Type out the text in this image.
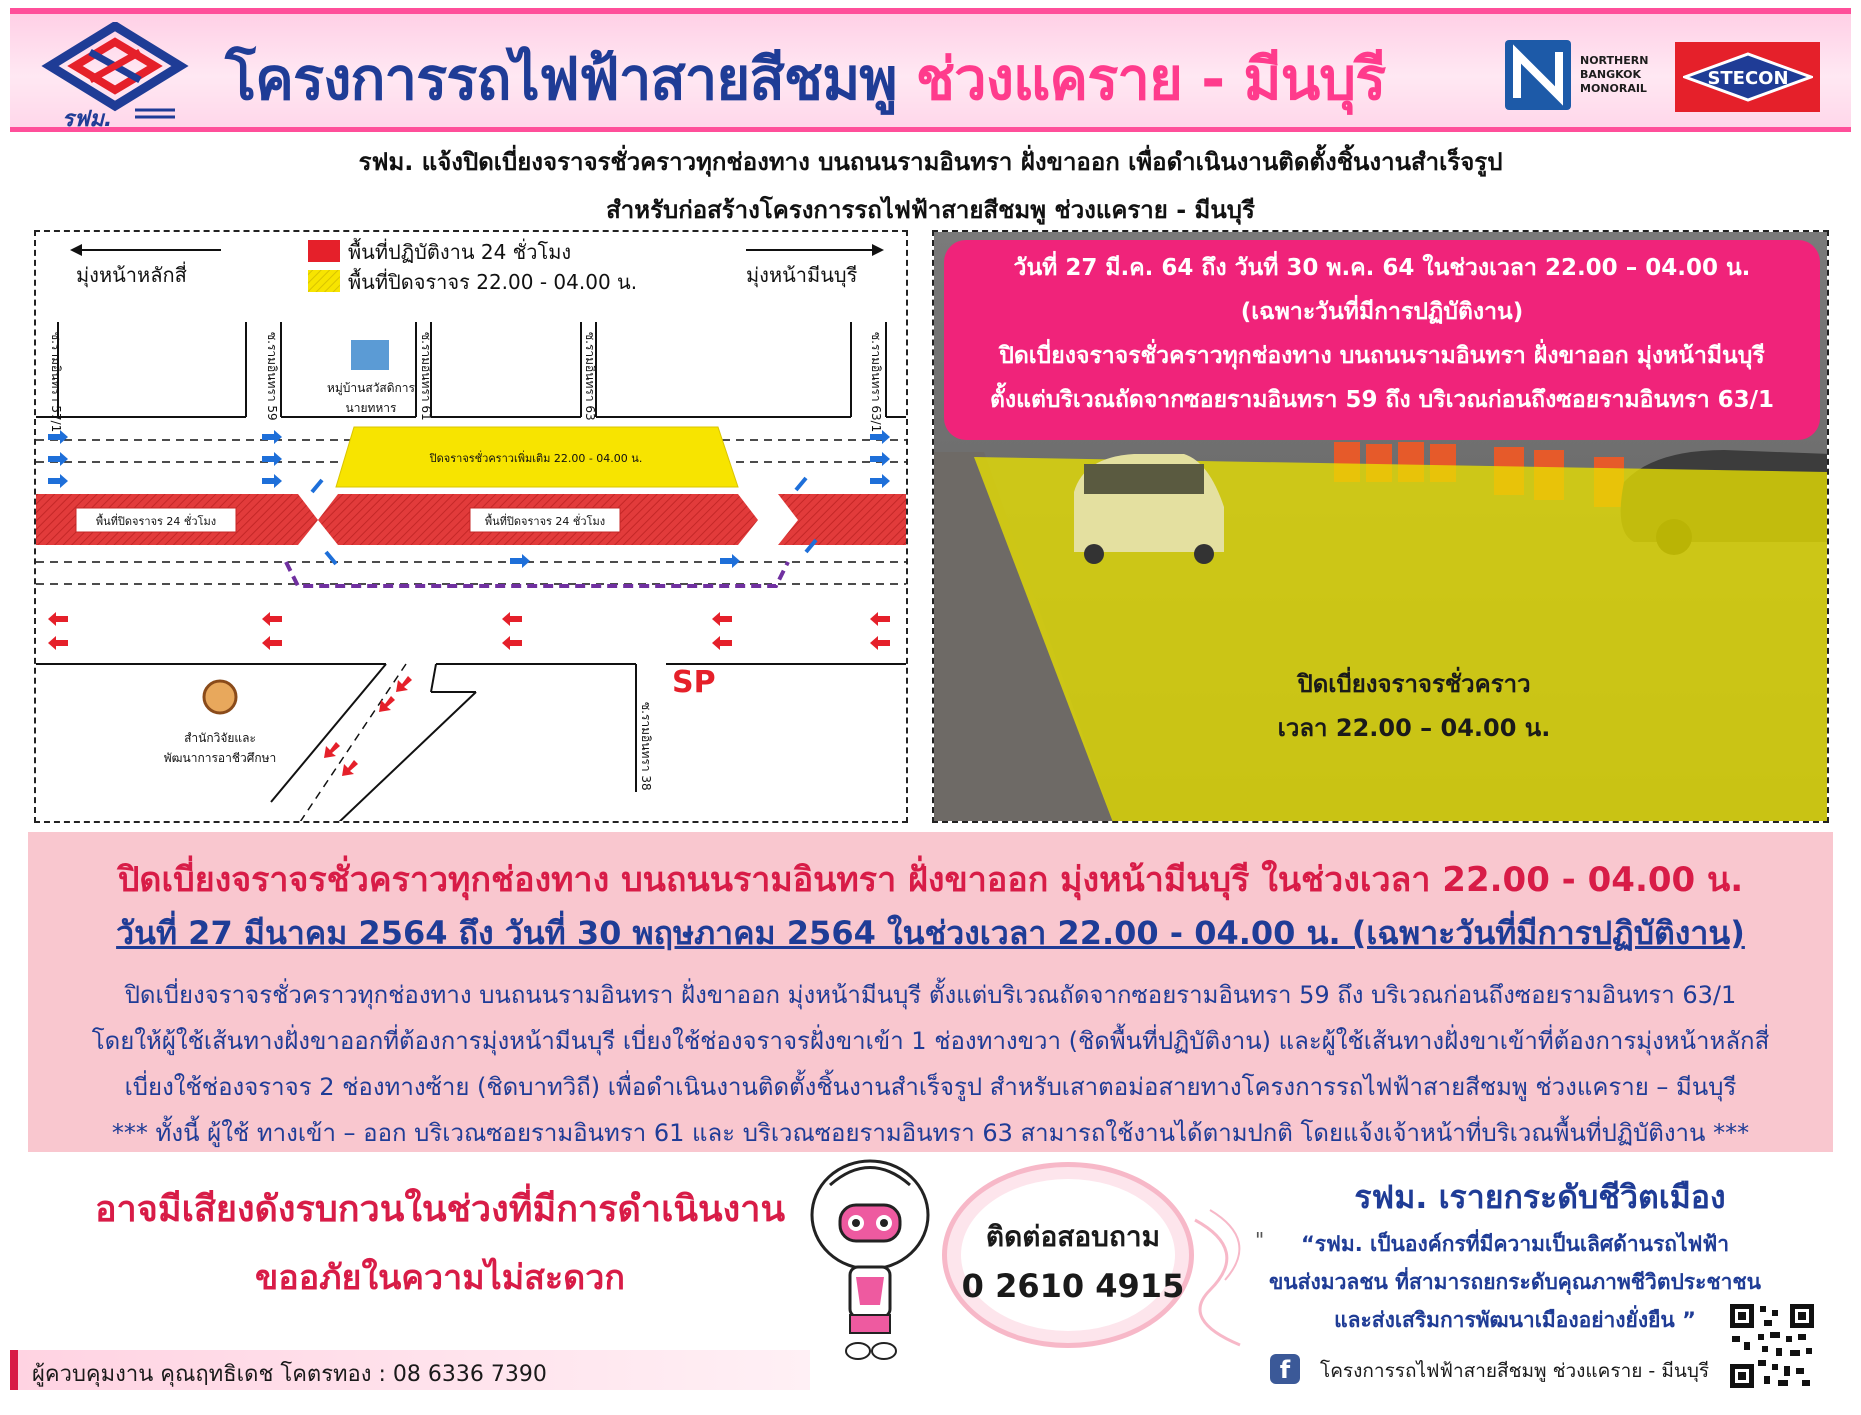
รฟม.
โครงการรถไฟฟ้าสายสีชมพู ช่วงแคราย - มีนบุรี	NORTHERN
BANGKOK
MONORAIL	STECON
รฟม. แจ้งปิดเบี่ยงจราจรชั่วคราวทุกช่องทาง บนถนนรามอินทรา ฝั่งขาออก เพื่อดำเนินงานติดตั้งชิ้นงานสำเร็จรูป
สำหรับก่อสร้างโครงการรถไฟฟ้าสายสีชมพู ช่วงแคราย - มีนบุรี
มุ่งหน้าหลักสี่	มุ่งหน้ามีนบุรี
พื้นที่ปฏิบัติงาน 24 ชั่วโมง
พื้นที่ปิดจราจร 22.00 - 04.00 น.
ซ.รามอินทรา 57/1	ซ.รามอินทรา 59	ซ.รามอินทรา 61	ซ.รามอินทรา 63	ซ.รามอินทรา 63/1
หมู่บ้านสวัสดิการ
นายทหาร
ปิดจราจรชั่วคราวเพิ่มเติม 22.00 - 04.00 น.
พื้นที่ปิดจราจร 24 ชั่วโมง	พื้นที่ปิดจราจร 24 ชั่วโมง
ซ.รามอินทรา 38
สำนักวิจัยและ
พัฒนาการอาชีวศึกษา
SP
วันที่ 27 มี.ค. 64 ถึง วันที่ 30 พ.ค. 64 ในช่วงเวลา 22.00 – 04.00 น.
(เฉพาะวันที่มีการปฏิบัติงาน)
ปิดเบี่ยงจราจรชั่วคราวทุกช่องทาง บนถนนรามอินทรา ฝั่งขาออก มุ่งหน้ามีนบุรี
ตั้งแต่บริเวณถัดจากซอยรามอินทรา 59 ถึง บริเวณก่อนถึงซอยรามอินทรา 63/1
ปิดเบี่ยงจราจรชั่วคราว
เวลา 22.00 – 04.00 น.
ปิดเบี่ยงจราจรชั่วคราวทุกช่องทาง บนถนนรามอินทรา ฝั่งขาออก มุ่งหน้ามีนบุรี ในช่วงเวลา 22.00 - 04.00 น.
วันที่ 27 มีนาคม 2564 ถึง วันที่ 30 พฤษภาคม 2564 ในช่วงเวลา 22.00 - 04.00 น. (เฉพาะวันที่มีการปฏิบัติงาน)
ปิดเบี่ยงจราจรชั่วคราวทุกช่องทาง บนถนนรามอินทรา ฝั่งขาออก มุ่งหน้ามีนบุรี ตั้งแต่บริเวณถัดจากซอยรามอินทรา 59 ถึง บริเวณก่อนถึงซอยรามอินทรา 63/1
โดยให้ผู้ใช้เส้นทางฝั่งขาออกที่ต้องการมุ่งหน้ามีนบุรี เบี่ยงใช้ช่องจราจรฝั่งขาเข้า 1 ช่องทางขวา (ชิดพื้นที่ปฏิบัติงาน) และผู้ใช้เส้นทางฝั่งขาเข้าที่ต้องการมุ่งหน้าหลักสี่
เบี่ยงใช้ช่องจราจร 2 ช่องทางซ้าย (ชิดบาทวิถี) เพื่อดำเนินงานติดตั้งชิ้นงานสำเร็จรูป สำหรับเสาตอม่อสายทางโครงการรถไฟฟ้าสายสีชมพู ช่วงแคราย – มีนบุรี
*** ทั้งนี้ ผู้ใช้ ทางเข้า – ออก บริเวณซอยรามอินทรา 61 และ บริเวณซอยรามอินทรา 63 สามารถใช้งานได้ตามปกติ โดยแจ้งเจ้าหน้าที่บริเวณพื้นที่ปฏิบัติงาน ***
อาจมีเสียงดังรบกวนในช่วงที่มีการดำเนินงาน
ขออภัยในความไม่สะดวก
ติดต่อสอบถาม
0 2610 4915
รฟม. เรายกระดับชีวิตเมือง
"	“รฟม. เป็นองค์กรที่มีความเป็นเลิศด้านรถไฟฟ้า
ขนส่งมวลชน ที่สามารถยกระดับคุณภาพชีวิตประชาชน
และส่งเสริมการพัฒนาเมืองอย่างยั่งยืน ”
ผู้ควบคุมงาน คุณฤทธิเดช โคตรทอง : 08 6336 7390	f	โครงการรถไฟฟ้าสายสีชมพู ช่วงแคราย - มีนบุรี
